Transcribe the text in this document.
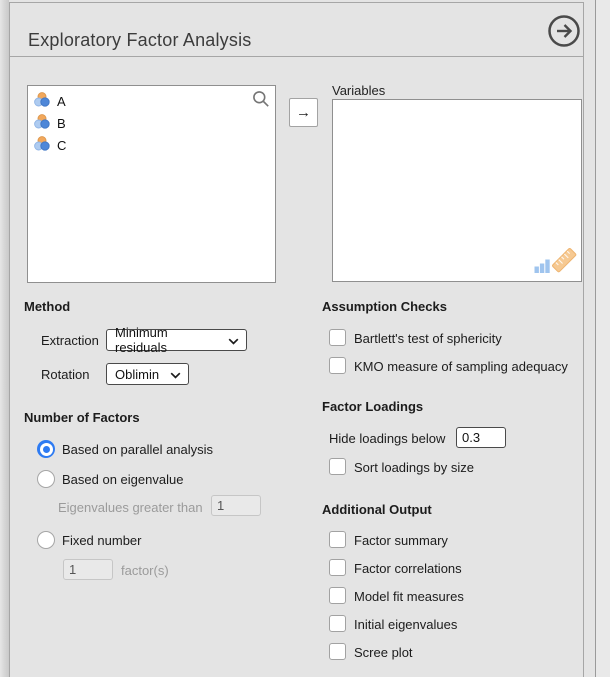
Exploratory Factor Analysis
A
B
C
→
Variables
Method
Extraction
Minimum residuals
Rotation Oblimin
Number of Factors
Based on parallel analysis
Based on eigenvalue
Eigenvalues greater than
1
Fixed number
1
factor(s)
Assumption Checks
Bartlett's test of sphericity
KMO measure of sampling adequacy
Factor Loadings
Hide loadings below
0.3
Sort loadings by size
Additional Output
Factor summary
Factor correlations
Model fit measures
Initial eigenvalues
Scree plot
